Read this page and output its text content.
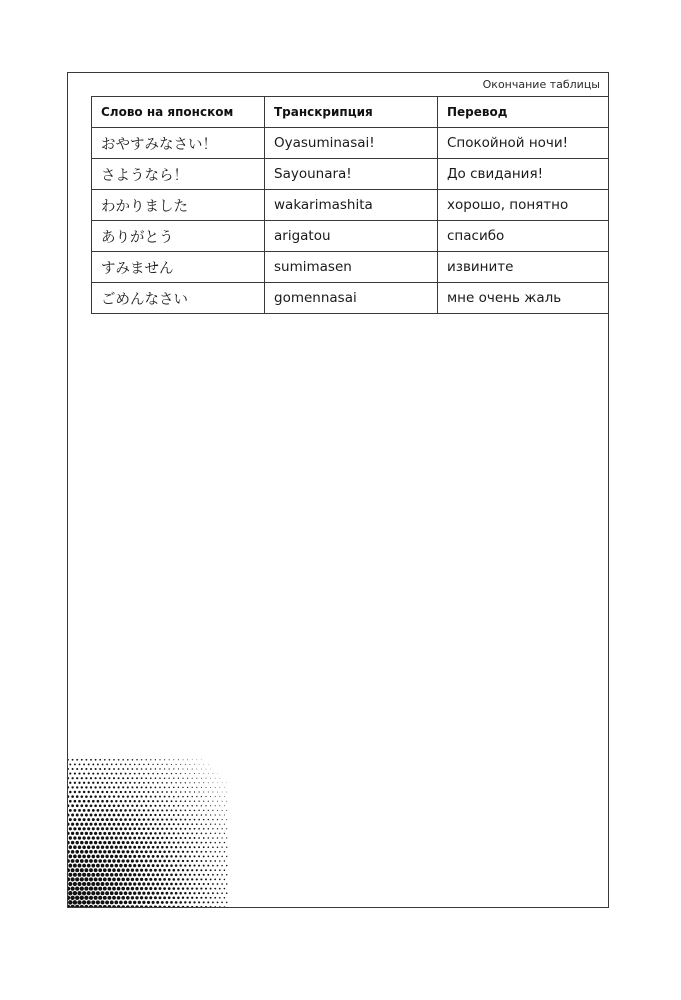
Окончание таблицы
Слово на японском	Транскрипция	Перевод
おやすみなさい！	Oyasuminasai!	Спокойной ночи!
さようなら！	Sayounara!	До свидания!
わかりました	wakarimashita	хорошо, понятно
ありがとう	arigatou	спасибо
すみません	sumimasen	извините
ごめんなさい	gomennasai	мне очень жаль
